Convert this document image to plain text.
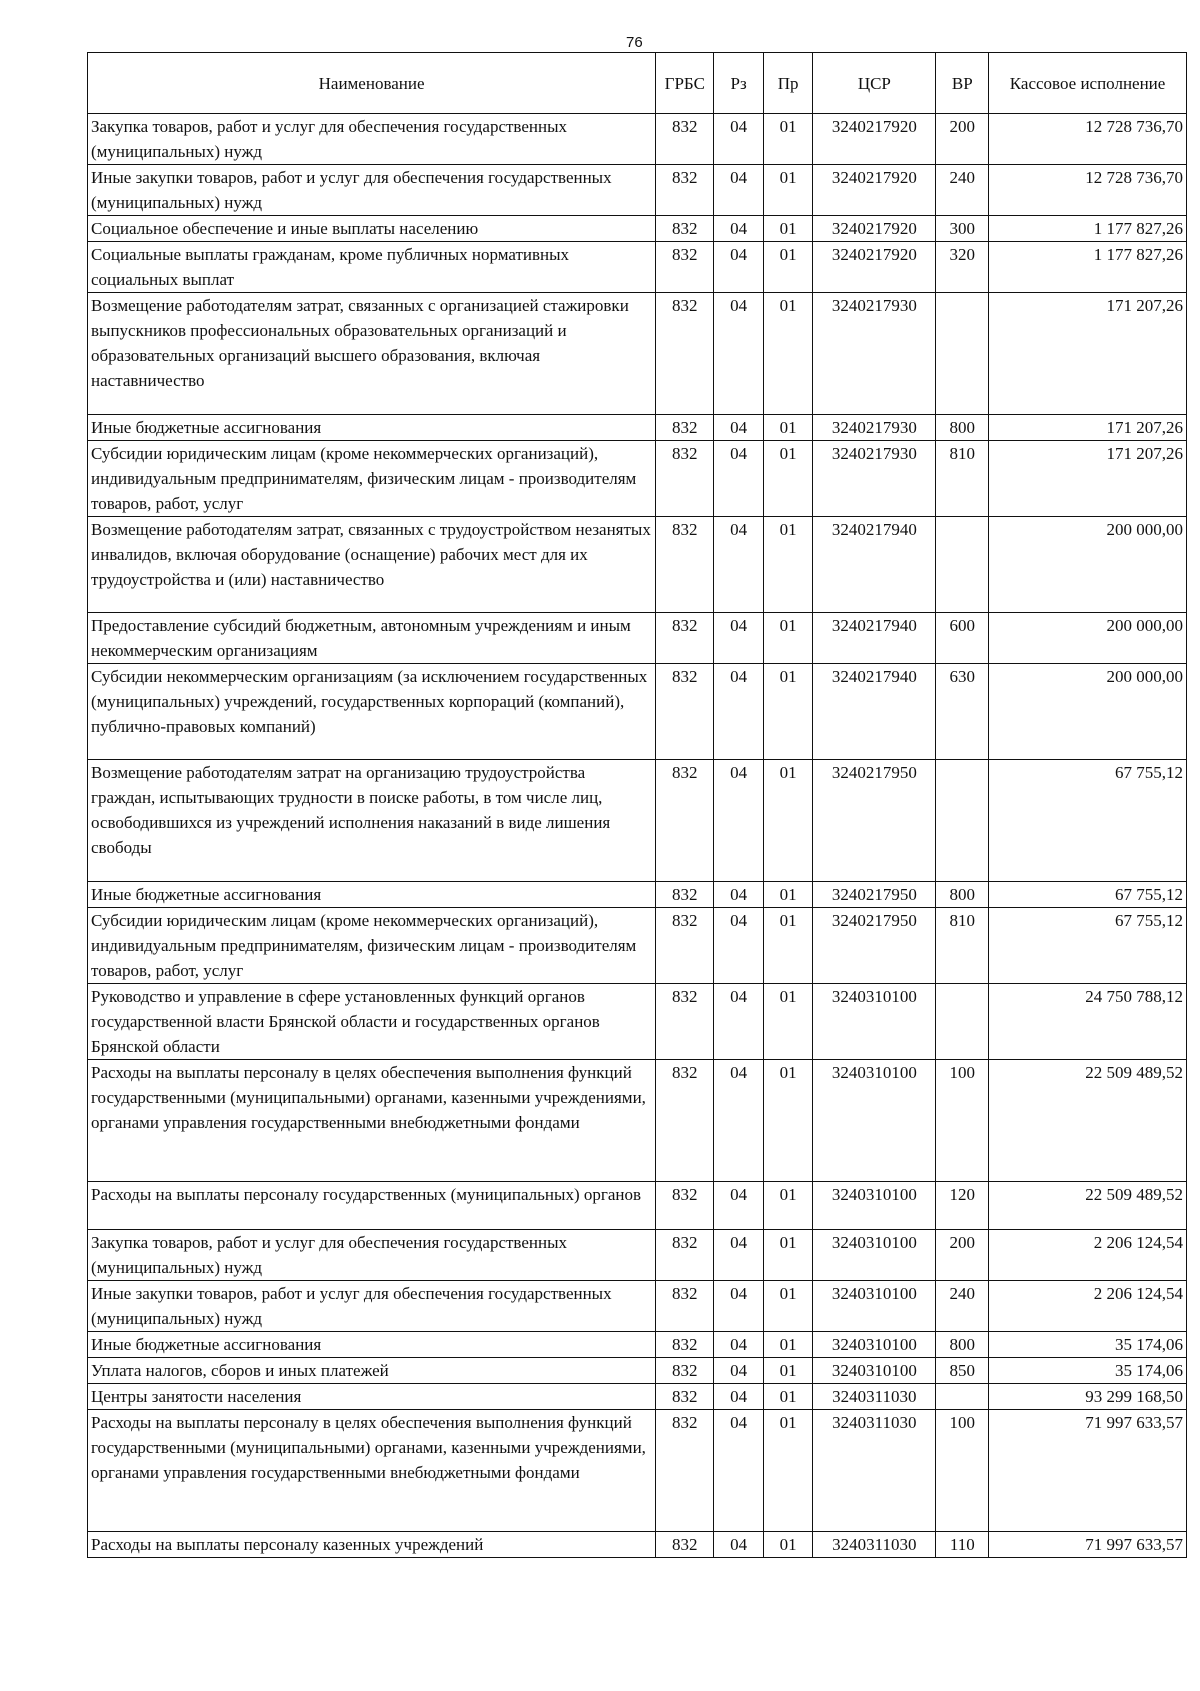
76
Наименование	ГРБС	Рз	Пр	ЦСР	ВР	Кассовое исполнение
Закупка товаров, работ и услуг для обеспечения государственных (муниципальных) нужд	832	04	01	3240217920	200	12 728 736,70
Иные закупки товаров, работ и услуг для обеспечения государственных (муниципальных) нужд	832	04	01	3240217920	240	12 728 736,70
Социальное обеспечение и иные выплаты населению	832	04	01	3240217920	300	1 177 827,26
Социальные выплаты гражданам, кроме публичных нормативных социальных выплат	832	04	01	3240217920	320	1 177 827,26
Возмещение работодателям затрат, связанных с организацией стажировки выпускников профессиональных образовательных организаций и образовательных организаций высшего образования, включая наставничество	832	04	01	3240217930		171 207,26
Иные бюджетные ассигнования	832	04	01	3240217930	800	171 207,26
Субсидии юридическим лицам (кроме некоммерческих организаций), индивидуальным предпринимателям, физическим лицам - производителям товаров, работ, услуг	832	04	01	3240217930	810	171 207,26
Возмещение работодателям затрат, связанных с трудоустройством незанятых инвалидов, включая оборудование (оснащение) рабочих мест для их трудоустройства и (или) наставничество	832	04	01	3240217940		200 000,00
Предоставление субсидий бюджетным, автономным учреждениям и иным некоммерческим организациям	832	04	01	3240217940	600	200 000,00
Субсидии некоммерческим организациям (за исключением государственных (муниципальных) учреждений, государственных корпораций (компаний), публично-правовых компаний)	832	04	01	3240217940	630	200 000,00
Возмещение работодателям затрат на организацию трудоустройства граждан, испытывающих трудности в поиске работы, в том числе лиц, освободившихся из учреждений исполнения наказаний в виде лишения свободы	832	04	01	3240217950		67 755,12
Иные бюджетные ассигнования	832	04	01	3240217950	800	67 755,12
Субсидии юридическим лицам (кроме некоммерческих организаций), индивидуальным предпринимателям, физическим лицам - производителям товаров, работ, услуг	832	04	01	3240217950	810	67 755,12
Руководство и управление в сфере установленных функций органов государственной власти Брянской области и государственных органов Брянской области	832	04	01	3240310100		24 750 788,12
Расходы на выплаты персоналу в целях обеспечения выполнения функций государственными (муниципальными) органами, казенными учреждениями, органами управления государственными внебюджетными фондами	832	04	01	3240310100	100	22 509 489,52
Расходы на выплаты персоналу государственных (муниципальных) органов	832	04	01	3240310100	120	22 509 489,52
Закупка товаров, работ и услуг для обеспечения государственных (муниципальных) нужд	832	04	01	3240310100	200	2 206 124,54
Иные закупки товаров, работ и услуг для обеспечения государственных (муниципальных) нужд	832	04	01	3240310100	240	2 206 124,54
Иные бюджетные ассигнования	832	04	01	3240310100	800	35 174,06
Уплата налогов, сборов и иных платежей	832	04	01	3240310100	850	35 174,06
Центры занятости населения	832	04	01	3240311030		93 299 168,50
Расходы на выплаты персоналу в целях обеспечения выполнения функций государственными (муниципальными) органами, казенными учреждениями, органами управления государственными внебюджетными фондами	832	04	01	3240311030	100	71 997 633,57
Расходы на выплаты персоналу казенных учреждений	832	04	01	3240311030	110	71 997 633,57
